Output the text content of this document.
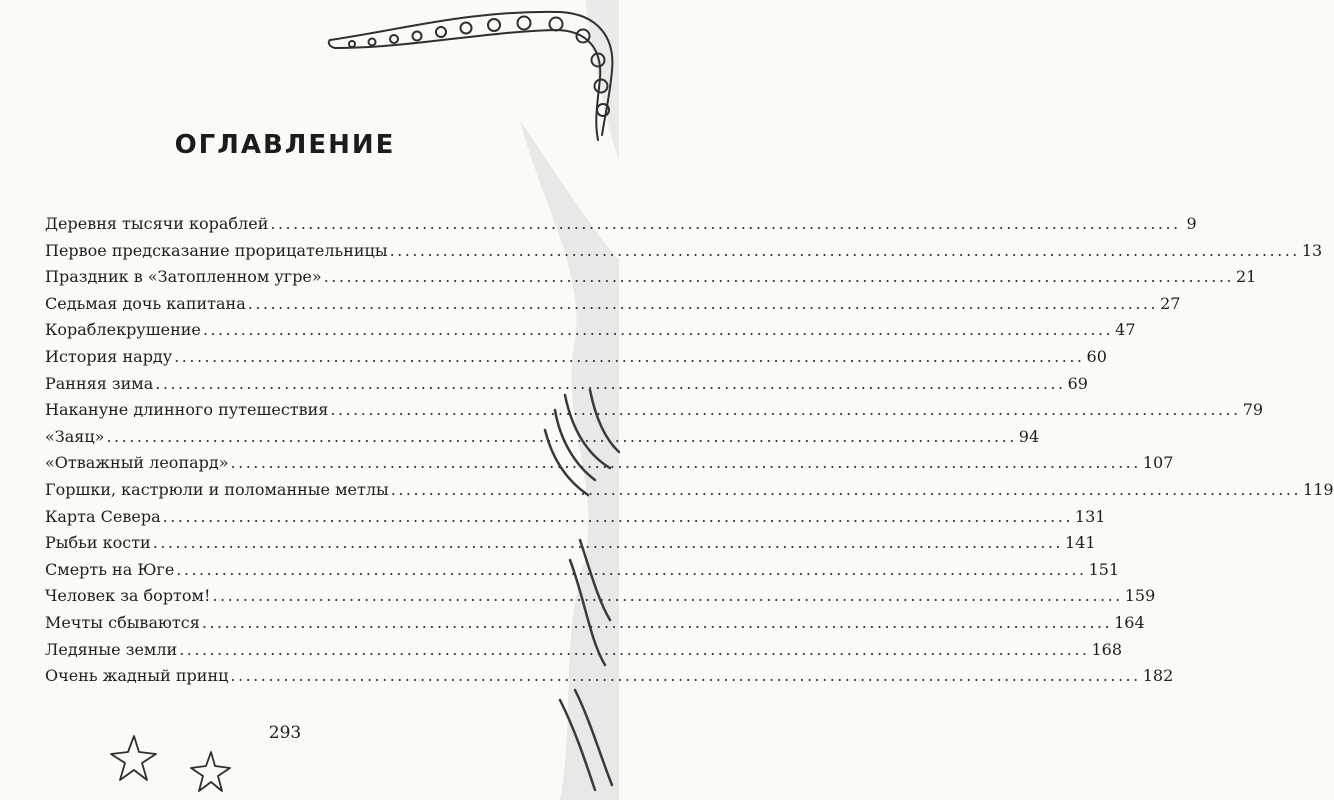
ОГЛАВЛЕНИЕ
Деревня тысячи кораблей ........................................................................................................................ 9
Первое предсказание прорицательницы ........................................................................................................................ 13
Праздник в «Затопленном угре» ........................................................................................................................ 21
Седьмая дочь капитана ........................................................................................................................ 27
Кораблекрушение ........................................................................................................................ 47
История нарду ........................................................................................................................ 60
Ранняя зима ........................................................................................................................ 69
Накануне длинного путешествия ........................................................................................................................ 79
«Заяц» ........................................................................................................................ 94
«Отважный леопард» ........................................................................................................................ 107
Горшки, кастрюли и поломанные метлы ........................................................................................................................ 119
Карта Севера ........................................................................................................................ 131
Рыбьи кости ........................................................................................................................ 141
Смерть на Юге ........................................................................................................................ 151
Человек за бортом! ........................................................................................................................ 159
Мечты сбываются ........................................................................................................................ 164
Ледяные земли ........................................................................................................................ 168
Очень жадный принц ........................................................................................................................ 182
293
